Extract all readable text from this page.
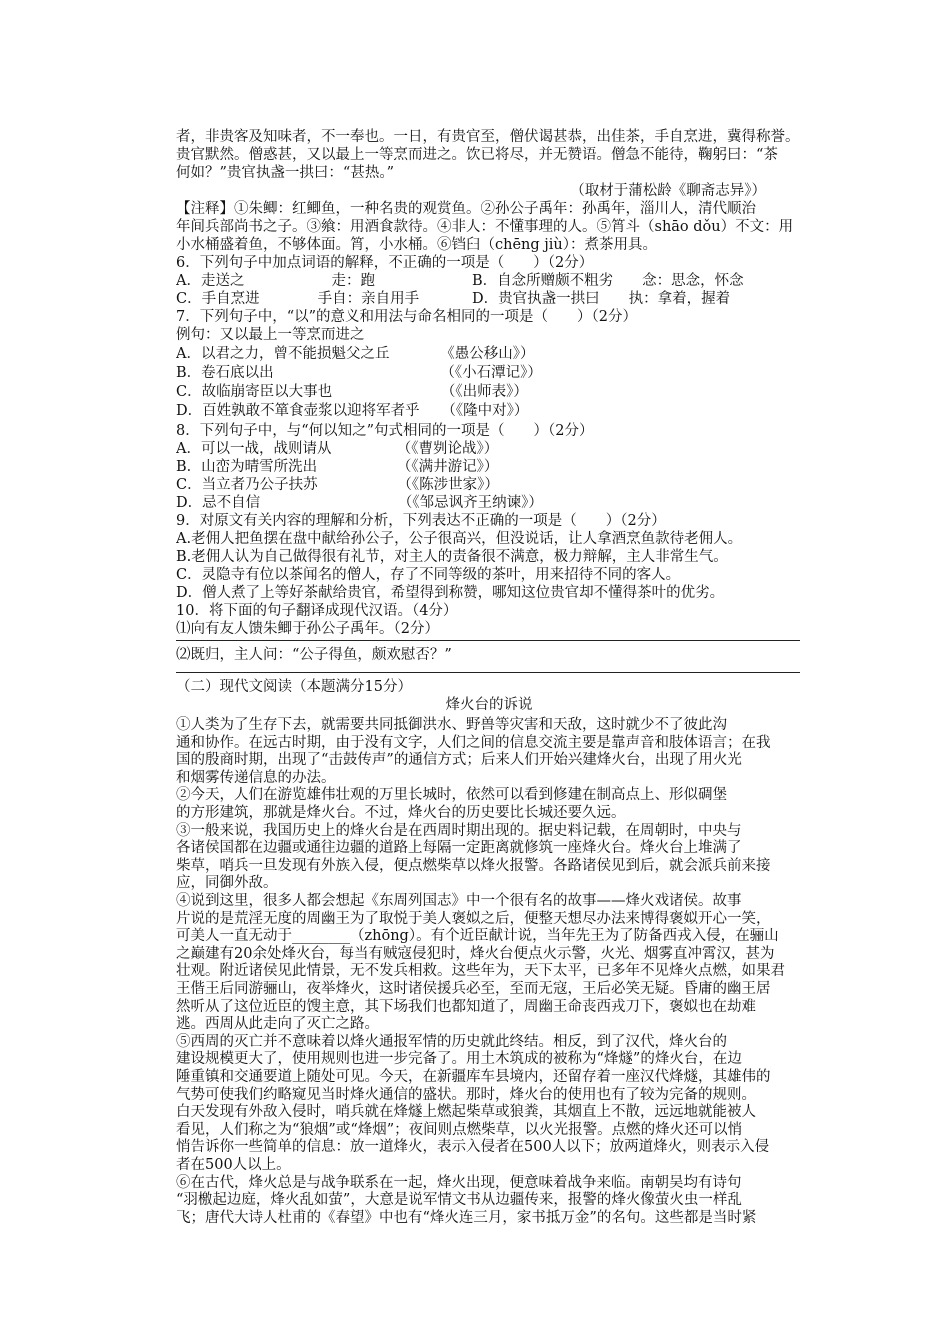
者，非贵客及知味者，不一奉也。一日，有贵官至，僧伏谒甚恭，出佳茶，手自烹进，冀得称誉。
贵官默然。僧惑甚，又以最上一等烹而进之。饮已将尽，并无赞语。僧急不能待，鞠躬曰：“茶
何如？”贵官执盏一拱曰：“甚热。”
（取材于蒲松龄《聊斋志异》）
【注释】①朱鲫：红鲫鱼，一种名贵的观赏鱼。②孙公子禹年：孙禹年，淄川人，清代顺治
年间兵部尚书之子。③飨：用酒食款待。④非人：不懂事理的人。⑤筲斗（shāo dǒu）不文：用
小水桶盛着鱼，不够体面。筲，小水桶。⑥铛臼（chēng jiù）：煮茶用具。
6．下列句子中加点词语的解释，不正确的一项是（　　）（2分）
A．走送之　　　　　　走：跑	B．自念所赠颇不粗劣　　念：思念，怀念
C．手自烹进　　　　手自：亲自用手	D．贵官执盏一拱曰　　执：拿着，握着
7．下列句子中，“以”的意义和用法与命名相同的一项是（　　）（2分）
例句：又以最上一等烹而进之
A．以君之力，曾不能损魁父之丘　　　　《愚公移山》）
B．卷石底以出　　　　　　　　　　　　（《小石潭记》）
C．故临崩寄臣以大事也　　　　　　　　（《出师表》）
D．百姓孰敢不箪食壶浆以迎将军者乎　　（《隆中对》）
8．下列句子中，与“何以知之”句式相同的一项是（　　）（2分）
A．可以一战，战则请从　　　　　（《曹刿论战》）
B．山峦为晴雪所洗出　　　　　　（《满井游记》）
C．当立者乃公子扶苏　　　　　　（《陈涉世家》）
D．忌不自信　　　　　　　　　　（《邹忌讽齐王纳谏》）
9．对原文有关内容的理解和分析，下列表达不正确的一项是（　　）（2分）
A.老佣人把鱼摆在盘中献给孙公子，公子很高兴，但没说话，让人拿酒烹鱼款待老佣人。
B.老佣人认为自己做得很有礼节，对主人的责备很不满意，极力辩解，主人非常生气。
C．灵隐寺有位以茶闻名的僧人，存了不同等级的茶叶，用来招待不同的客人。
D．僧人煮了上等好茶献给贵官，希望得到称赞，哪知这位贵官却不懂得茶叶的优劣。
10．将下面的句子翻译成现代汉语。（4分）
⑴向有友人馈朱鲫于孙公子禹年。（2分）
⑵既归，主人问：“公子得鱼，颇欢慰否？”
（二）现代文阅读（本题满分15分）
烽火台的诉说
①人类为了生存下去，就需要共同抵御洪水、野兽等灾害和天敌，这时就少不了彼此沟
通和协作。在远古时期，由于没有文字，人们之间的信息交流主要是靠声音和肢体语言；在我
国的殷商时期，出现了“击鼓传声”的通信方式；后来人们开始兴建烽火台，出现了用火光
和烟雾传递信息的办法。
②今天，人们在游览雄伟壮观的万里长城时，依然可以看到修建在制高点上、形似碉堡
的方形建筑，那就是烽火台。不过，烽火台的历史要比长城还要久远。
③一般来说，我国历史上的烽火台是在西周时期出现的。据史料记载，在周朝时，中央与
各诸侯国都在边疆或通往边疆的道路上每隔一定距离就修筑一座烽火台。烽火台上堆满了
柴草，哨兵一旦发现有外族入侵，便点燃柴草以烽火报警。各路诸侯见到后，就会派兵前来接
应，同御外敌。
④说到这里，很多人都会想起《东周列国志》中一个很有名的故事——烽火戏诸侯。故事
片说的是荒淫无度的周幽王为了取悦于美人褒姒之后，便整天想尽办法来博得褒姒开心一笑，
可美人一直无动于________（zhōng）。有个近臣献计说，当年先王为了防备西戎入侵，在骊山
之巅建有20余处烽火台，每当有贼寇侵犯时，烽火台便点火示警，火光、烟雾直冲霄汉，甚为
壮观。附近诸侯见此情景，无不发兵相救。这些年为，天下太平，已多年不见烽火点燃，如果君
王偕王后同游骊山，夜举烽火，这时诸侯援兵必至，至而无寇，王后必笑无疑。昏庸的幽王居
然听从了这位近臣的馊主意，其下场我们也都知道了，周幽王命丧西戎刀下，褒姒也在劫难
逃。西周从此走向了灭亡之路。
⑤西周的灭亡并不意味着以烽火通报军情的历史就此终结。相反，到了汉代，烽火台的
建设规模更大了，使用规则也进一步完备了。用土木筑成的被称为“烽燧”的烽火台，在边
陲重镇和交通要道上随处可见。今天，在新疆库车县境内，还留存着一座汉代烽燧，其雄伟的
气势可使我们约略窥见当时烽火通信的盛状。那时，烽火台的使用也有了较为完备的规则。
白天发现有外敌入侵时，哨兵就在烽燧上燃起柴草或狼粪，其烟直上不散，远远地就能被人
看见，人们称之为“狼烟”或“烽烟”；夜间则点燃柴草，以火光报警。点燃的烽火还可以悄
悄告诉你一些简单的信息：放一道烽火，表示入侵者在500人以下；放两道烽火，则表示入侵
者在500人以上。
⑥在古代，烽火总是与战争联系在一起，烽火出现，便意味着战争来临。南朝吴均有诗句
“羽檄起边庭，烽火乱如萤”，大意是说军情文书从边疆传来，报警的烽火像萤火虫一样乱
飞；唐代大诗人杜甫的《春望》中也有“烽火连三月，家书抵万金”的名句。这些都是当时紧
